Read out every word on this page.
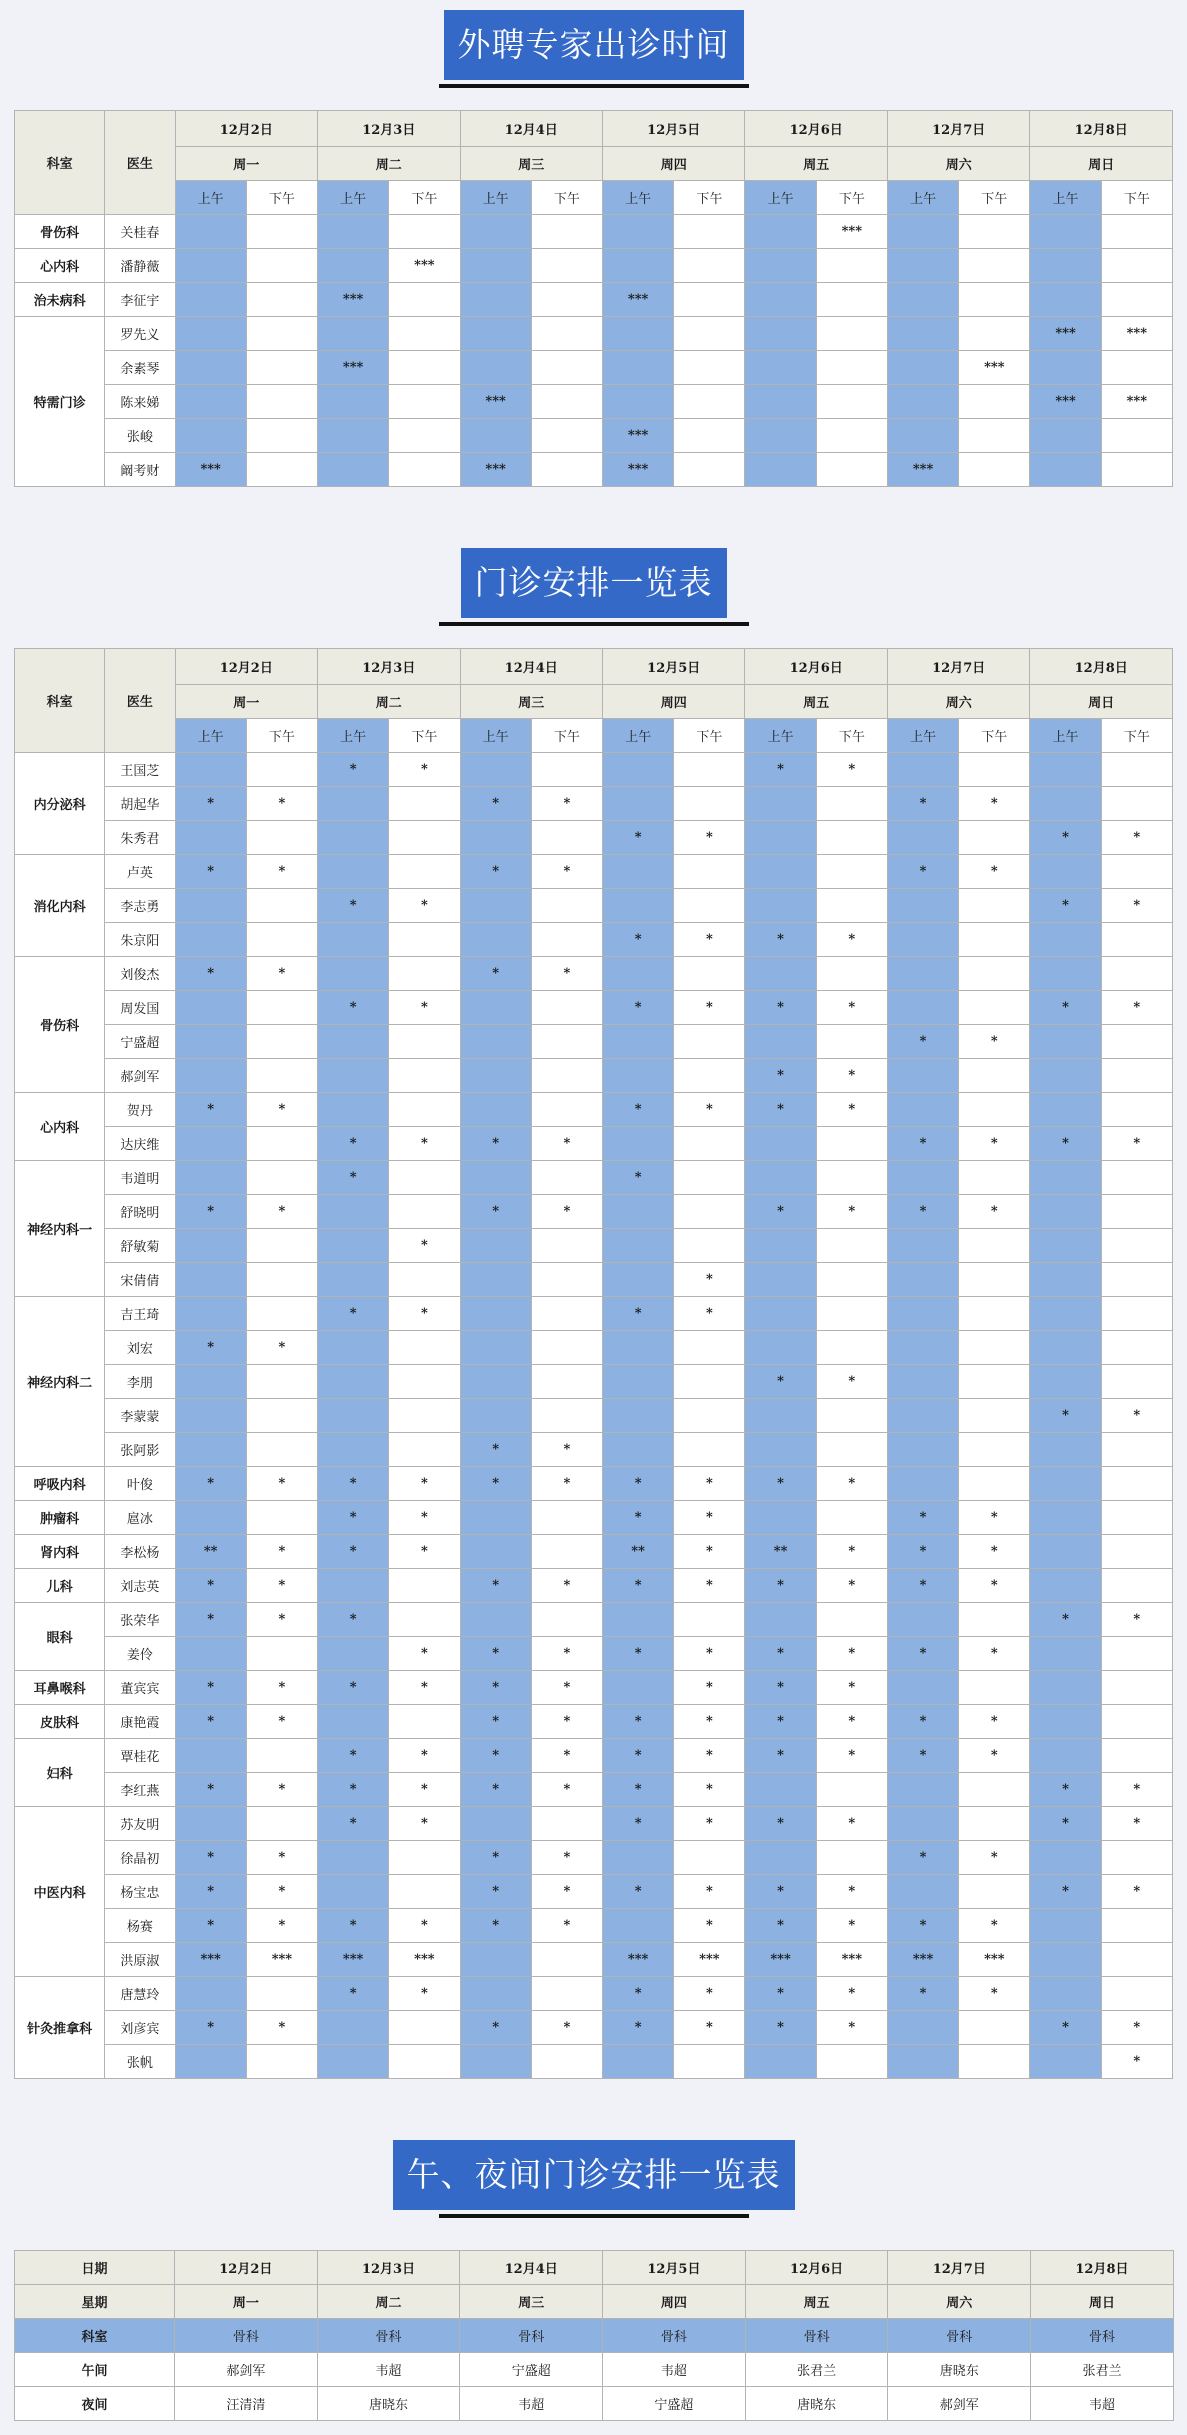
外聘专家出诊时间
科室	医生	12月2日		12月3日		12月4日		12月5日		12月6日		12月7日		12月8日	
		周一		周二		周三		周四		周五		周六		周日	
		上午	下午	上午	下午	上午	下午	上午	下午	上午	下午	上午	下午	上午	下午
骨伤科	关桂春										***				
心内科	潘静薇				***										
治未病科	李征宇			***				***							
特需门诊	罗先义													***	***
	余素琴			***									***		
	陈来娣					***								***	***
	张峻							***							
	阚考财	***				***		***				***			
门诊安排一览表
科室	医生	12月2日		12月3日		12月4日		12月5日		12月6日		12月7日		12月8日	
		周一		周二		周三		周四		周五		周六		周日	
		上午	下午	上午	下午	上午	下午	上午	下午	上午	下午	上午	下午	上午	下午
内分泌科	王国芝			*	*					*	*				
	胡起华	*	*			*	*					*	*		
	朱秀君							*	*					*	*
消化内科	卢英	*	*			*	*					*	*		
	李志勇			*	*									*	*
	朱京阳							*	*	*	*				
骨伤科	刘俊杰	*	*			*	*								
	周发国			*	*			*	*	*	*			*	*
	宁盛超											*	*		
	郝剑军									*	*				
心内科	贺丹	*	*					*	*	*	*				
	达庆维			*	*	*	*					*	*	*	*
神经内科一	韦道明			*				*							
	舒晓明	*	*			*	*			*	*	*	*		
	舒敏菊				*										
	宋倩倩								*						
神经内科二	吉王琦			*	*			*	*						
	刘宏	*	*												
	李朋									*	*				
	李蒙蒙													*	*
	张阿影					*	*								
呼吸内科	叶俊	*	*	*	*	*	*	*	*	*	*				
肿瘤科	扈冰			*	*			*	*			*	*		
肾内科	李松杨	**	*	*	*			**	*	**	*	*	*		
儿科	刘志英	*	*			*	*	*	*	*	*	*	*		
眼科	张荣华	*	*	*										*	*
	姜伶				*	*	*	*	*	*	*	*	*		
耳鼻喉科	董宾宾	*	*	*	*	*	*		*	*	*				
皮肤科	康艳霞	*	*			*	*	*	*	*	*	*	*		
妇科	覃桂花			*	*	*	*	*	*	*	*	*	*		
	李红燕	*	*	*	*	*	*	*	*					*	*
中医内科	苏友明			*	*			*	*	*	*			*	*
	徐晶初	*	*			*	*					*	*		
	杨宝忠	*	*			*	*	*	*	*	*			*	*
	杨赛	*	*	*	*	*	*		*	*	*	*	*		
	洪原淑	***	***	***	***			***	***	***	***	***	***		
针灸推拿科	唐慧玲			*	*			*	*	*	*	*	*		
	刘彦宾	*	*			*	*	*	*	*	*			*	*
	张帆														*
午、夜间门诊安排一览表
日期	12月2日	12月3日	12月4日	12月5日	12月6日	12月7日	12月8日
星期	周一	周二	周三	周四	周五	周六	周日
科室	骨科	骨科	骨科	骨科	骨科	骨科	骨科
午间	郝剑军	韦超	宁盛超	韦超	张君兰	唐晓东	张君兰
夜间	汪清清	唐晓东	韦超	宁盛超	唐晓东	郝剑军	韦超
